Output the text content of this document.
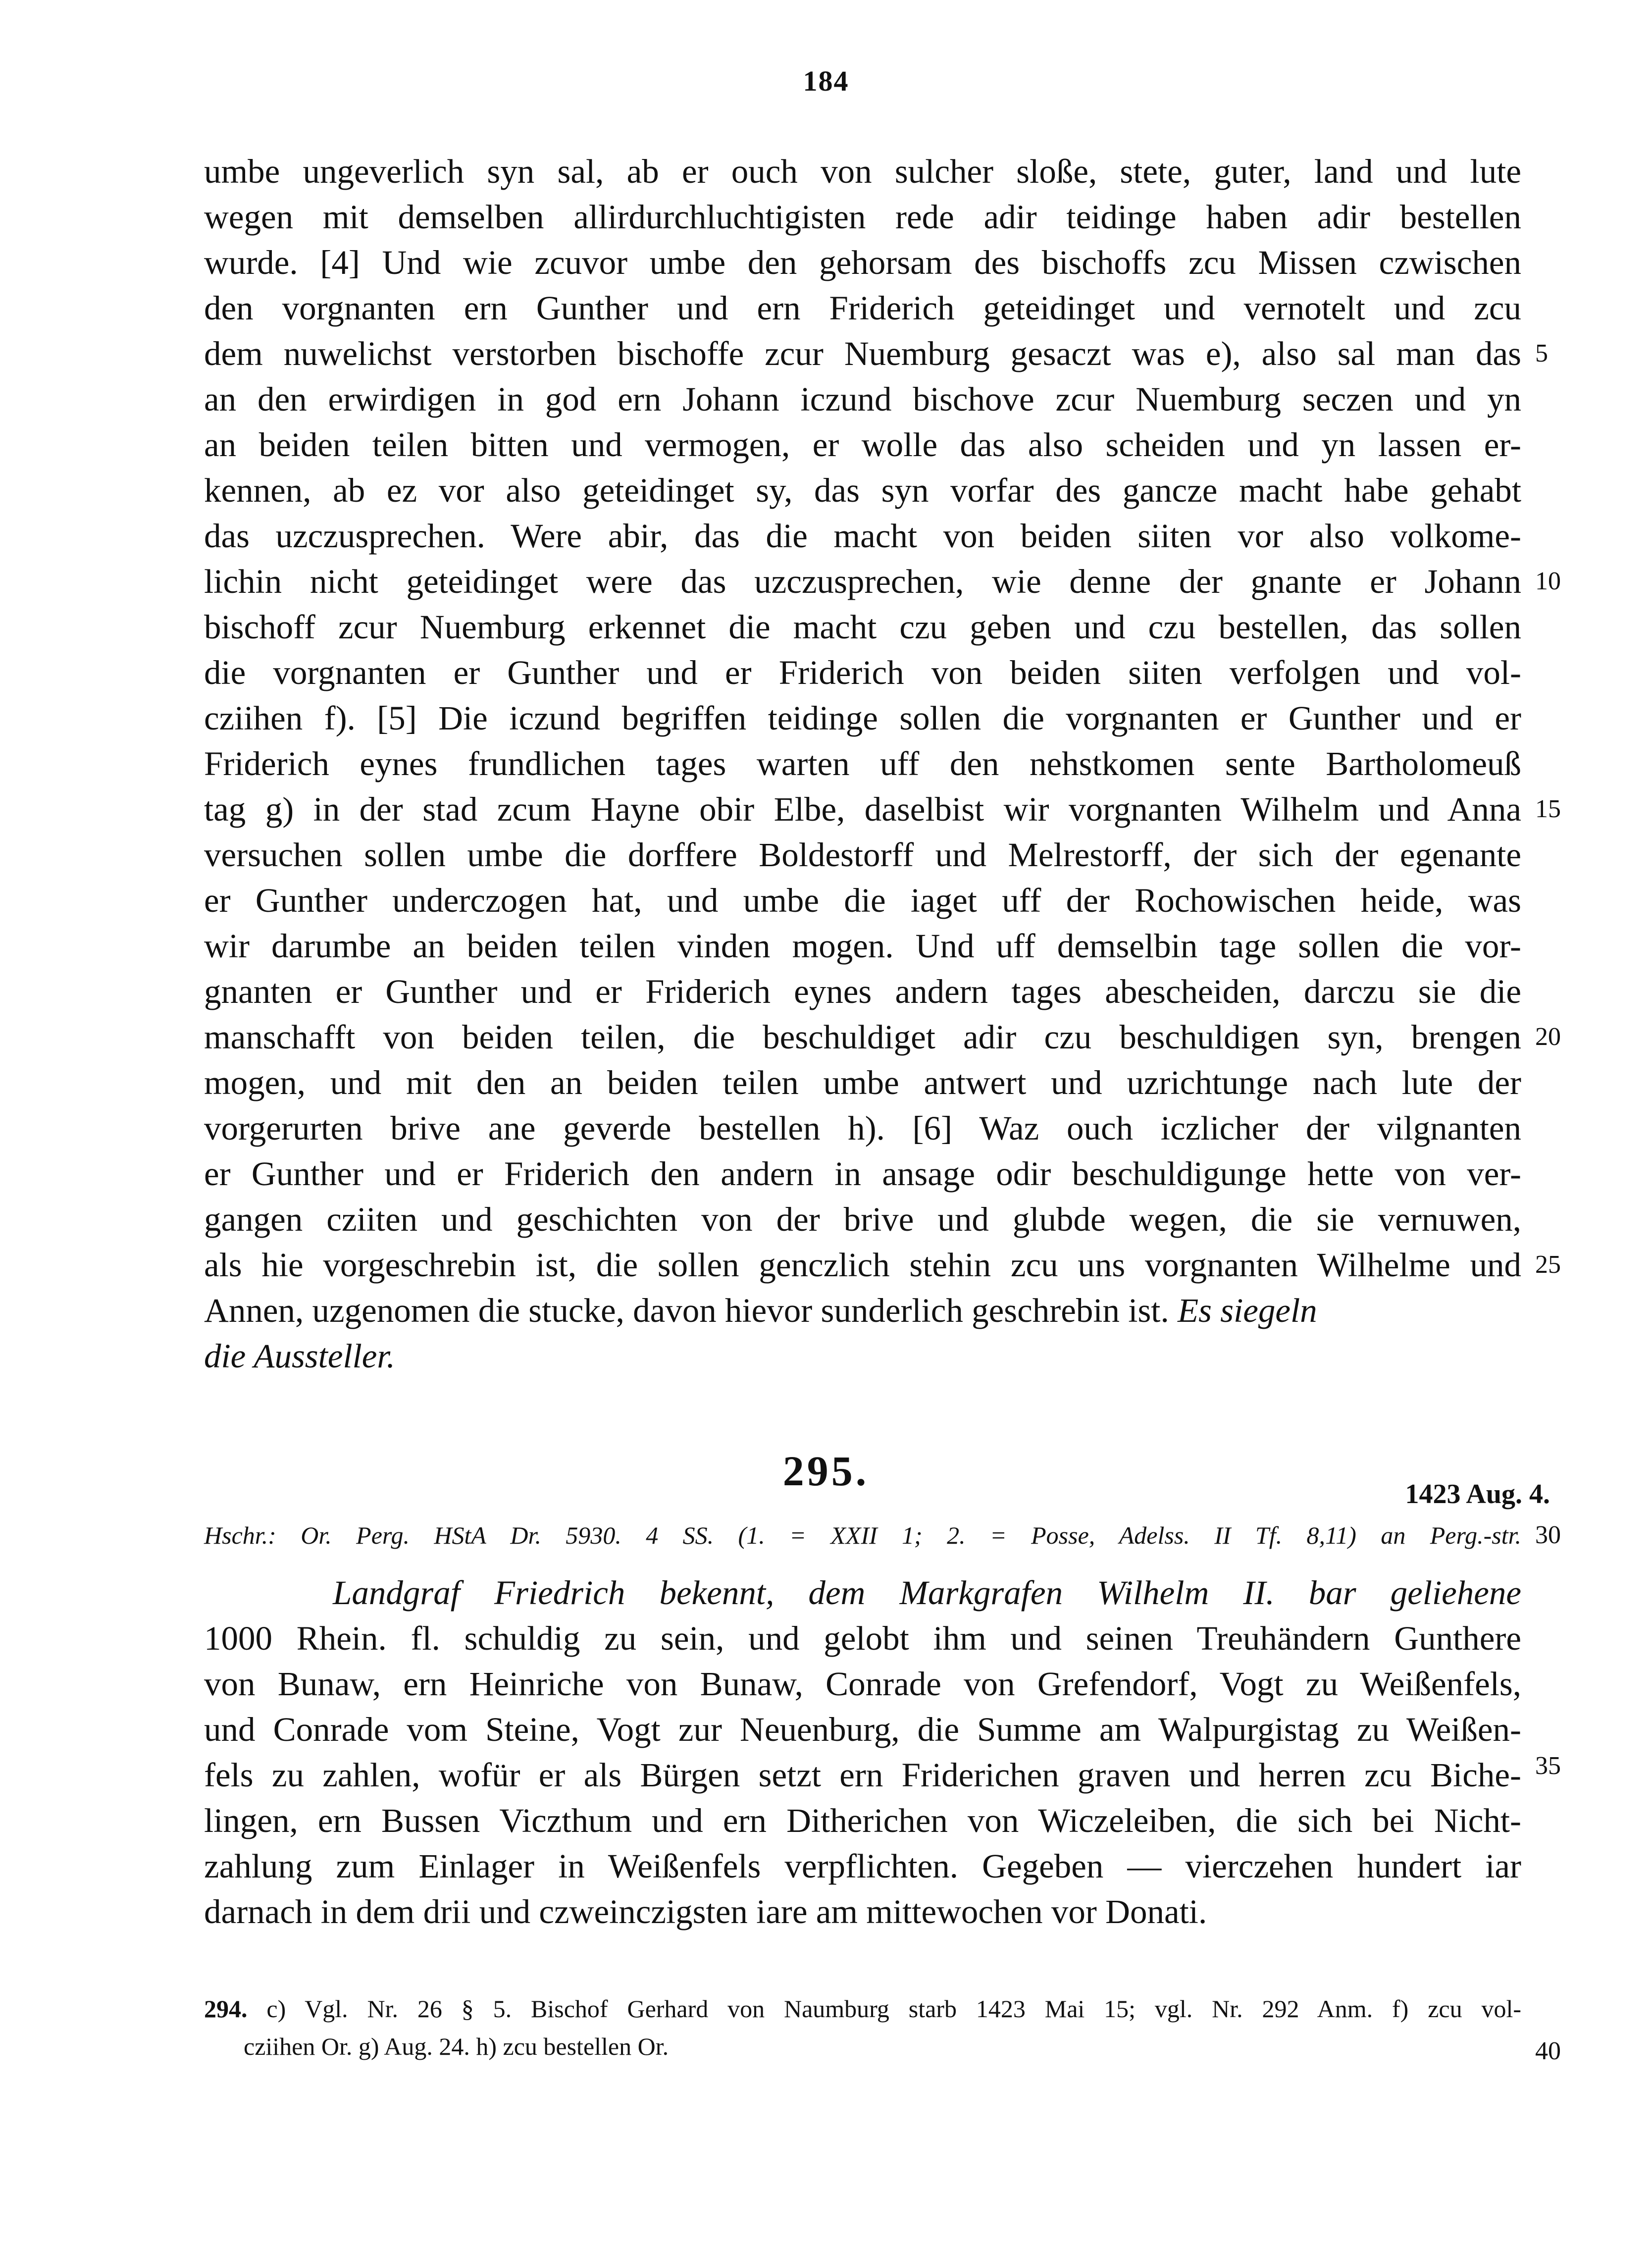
184
umbe ungeverlich syn sal, ab er ouch von sulcher sloße, stete, guter, land und lute
wegen mit demselben allirdurchluchtigisten rede adir teidinge haben adir bestellen
wurde. [4] Und wie zcuvor umbe den gehorsam des bischoffs zcu Missen czwischen
den vorgnanten ern Gunther und ern Friderich geteidinget und vernotelt und zcu
dem nuwelichst verstorben bischoffe zcur Nuemburg gesaczt was e), also sal man das
an den erwirdigen in god ern Johann iczund bischove zcur Nuemburg seczen und yn
an beiden teilen bitten und vermogen, er wolle das also scheiden und yn lassen er-
kennen, ab ez vor also geteidinget sy, das syn vorfar des gancze macht habe gehabt
das uzczusprechen. Were abir, das die macht von beiden siiten vor also volkome-
lichin nicht geteidinget were das uzczusprechen, wie denne der gnante er Johann
bischoff zcur Nuemburg erkennet die macht czu geben und czu bestellen, das sollen
die vorgnanten er Gunther und er Friderich von beiden siiten verfolgen und vol-
cziihen f). [5] Die iczund begriffen teidinge sollen die vorgnanten er Gunther und er
Friderich eynes frundlichen tages warten uff den nehstkomen sente Bartholomeuß
tag g) in der stad zcum Hayne obir Elbe, daselbist wir vorgnanten Wilhelm und Anna
versuchen sollen umbe die dorffere Boldestorff und Melrestorff, der sich der egenante
er Gunther underczogen hat, und umbe die iaget uff der Rochowischen heide, was
wir darumbe an beiden teilen vinden mogen. Und uff demselbin tage sollen die vor-
gnanten er Gunther und er Friderich eynes andern tages abescheiden, darczu sie die
manschafft von beiden teilen, die beschuldiget adir czu beschuldigen syn, brengen
mogen, und mit den an beiden teilen umbe antwert und uzrichtunge nach lute der
vorgerurten brive ane geverde bestellen h). [6] Waz ouch iczlicher der vilgnanten
er Gunther und er Friderich den andern in ansage odir beschuldigunge hette von ver-
gangen cziiten und geschichten von der brive und glubde wegen, die sie vernuwen,
als hie vorgeschrebin ist, die sollen genczlich stehin zcu uns vorgnanten Wilhelme und
Annen, uzgenomen die stucke, davon hievor sunderlich geschrebin ist. Es siegeln
die Aussteller.
5
10
15
20
25
30
35
40
295.	1423 Aug. 4.
Hschr.: Or. Perg. HStA Dr. 5930. 4 SS. (1. = XXII 1; 2. = Posse, Adelss. II Tf. 8,11) an Perg.-str.
Landgraf Friedrich bekennt, dem Markgrafen Wilhelm II. bar geliehene
1000 Rhein. fl. schuldig zu sein, und gelobt ihm und seinen Treuhändern Gunthere
von Bunaw, ern Heinriche von Bunaw, Conrade von Grefendorf, Vogt zu Weißenfels,
und Conrade vom Steine, Vogt zur Neuenburg, die Summe am Walpurgistag zu Weißen-
fels zu zahlen, wofür er als Bürgen setzt ern Friderichen graven und herren zcu Biche-
lingen, ern Bussen Viczthum und ern Ditherichen von Wiczeleiben, die sich bei Nicht-
zahlung zum Einlager in Weißenfels verpflichten. Gegeben — vierczehen hundert iar
darnach in dem drii und czweinczigsten iare am mittewochen vor Donati.
294. c) Vgl. Nr. 26 § 5. Bischof Gerhard von Naumburg starb 1423 Mai 15; vgl. Nr. 292 Anm. f) zcu vol-
cziihen Or. g) Aug. 24. h) zcu bestellen Or.
